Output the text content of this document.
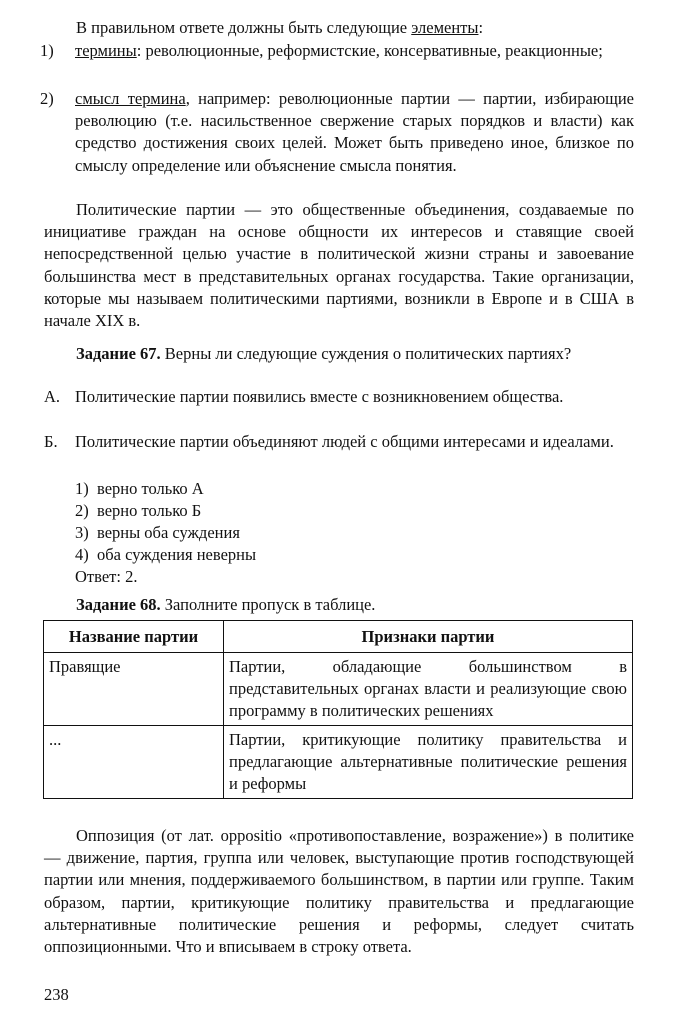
В правильном ответе должны быть следующие элементы:
1) термины: революционные, реформистские, консервативные, реакционные;
2) смысл термина, например: революционные партии — партии, избирающие революцию (т.е. насильственное свержение старых порядков и власти) как средство достижения своих целей. Может быть приведено иное, близкое по смыслу определение или объяснение смысла понятия.
Политические партии — это общественные объединения, создаваемые по инициативе граждан на основе общности их интересов и ставящие своей непосредственной целью участие в политической жизни страны и завоевание большинства мест в представительных органах государства. Такие организации, которые мы называем политическими партиями, возникли в Европе и в США в начале XIX в.
Задание 67. Верны ли следующие суждения о политических партиях?
А. Политические партии появились вместе с возникновением общества.
Б. Политические партии объединяют людей с общими интересами и идеалами.
1)  верно только А
2)  верно только Б
3)  верны оба суждения
4)  оба суждения неверны
Ответ: 2.
Задание 68. Заполните пропуск в таблице.
Название партии	Признаки партии
Правящие	Партии, обладающие большинством в представительных органах власти и реализующие свою программу в политических решениях
...	Партии, критикующие политику правительства и предлагающие альтернативные политические решения и реформы
Оппозиция (от лат. oppositio «противопоставление, возражение») в политике — движение, партия, группа или человек, выступающие против господствующей партии или мнения, поддерживаемого большинством, в партии или группе. Таким образом, партии, критикующие политику правительства и предлагающие альтернативные политические решения и реформы, следует считать оппозиционными. Что и вписываем в строку ответа.
238
